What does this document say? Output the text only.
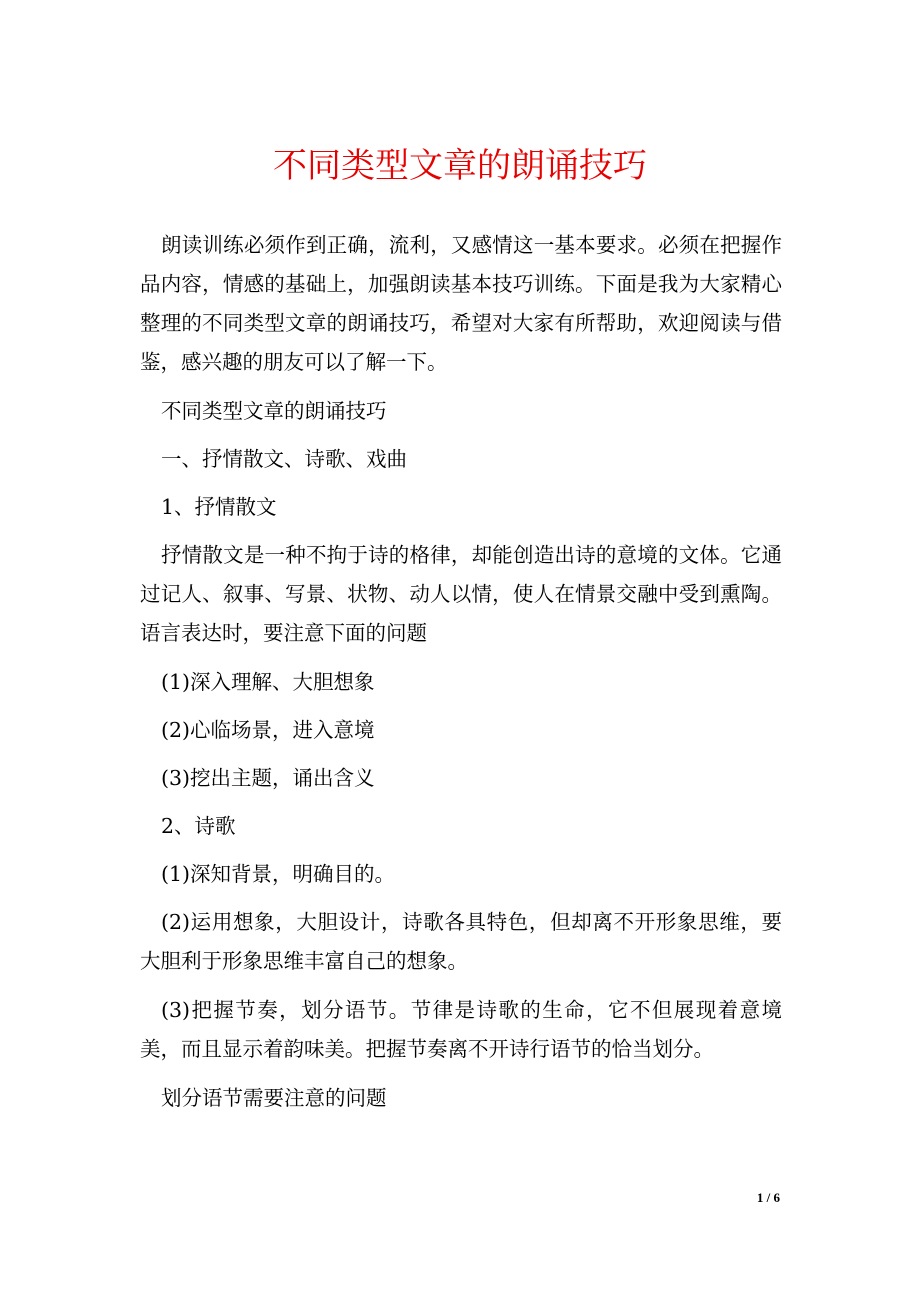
不同类型文章的朗诵技巧

朗读训练必须作到正确，流利，又感情这一基本要求。必须在把握作品内容，情感的基础上，加强朗读基本技巧训练。下面是我为大家精心整理的不同类型文章的朗诵技巧，希望对大家有所帮助，欢迎阅读与借鉴，感兴趣的朋友可以了解一下。

不同类型文章的朗诵技巧

一、抒情散文、诗歌、戏曲

1、抒情散文

抒情散文是一种不拘于诗的格律，却能创造出诗的意境的文体。它通过记人、叙事、写景、状物、动人以情，使人在情景交融中受到熏陶。语言表达时，要注意下面的问题

(1)深入理解、大胆想象

(2)心临场景，进入意境

(3)挖出主题，诵出含义

2、诗歌

(1)深知背景，明确目的。

(2)运用想象，大胆设计，诗歌各具特色，但却离不开形象思维，要大胆利于形象思维丰富自己的想象。

(3)把握节奏，划分语节。节律是诗歌的生命，它不但展现着意境美，而且显示着韵味美。把握节奏离不开诗行语节的恰当划分。

划分语节需要注意的问题

1 / 6
